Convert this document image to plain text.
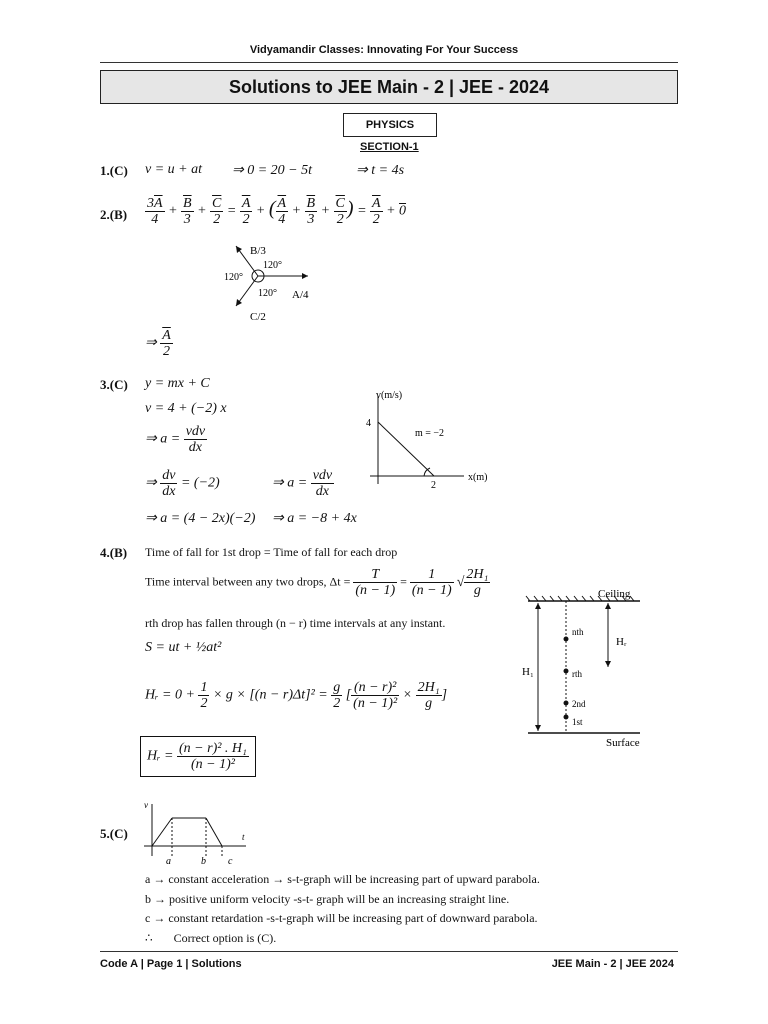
Vidyamandir Classes: Innovating For Your Success
Solutions to JEE Main - 2 | JEE - 2024
PHYSICS
SECTION-1
1.(C) v = u + at ⇒ 0 = 20 − 5t	⇒ t = 4s
$2.(B) \frac{3\overline{A}}{4} + \frac{\overline{B}}{3} + \frac{\overline{C}}{2} = \frac{\overline{A}}{2}$ + ( $\frac{\overline{A}}{4} + \frac{\overline{B}}{3} + \frac{\overline{C}}{2}$ ) = $\frac{\overline{A}}{2} + 0$
B/3
A/4
C/2
120°
120°
120°
⇒ $\frac{\overline{A}}{2}$
3.(C) y = mx + C
v = 4 + (−2) x
⇒ $a = \frac{\text{vdv}}{dx}$
⇒ $\frac{dv}{dx} = (-2)$	⇒ $a = \frac{\text{vdv}}{dx}$
⇒ a = (4 − 2x)(−2) ⇒ a = −8 + 4x
v(m/s)
x(m)
4
2
m = −2
4.(B) Time of fall for 1st drop = Time of fall for each drop
Time interval between any two drops, $\Delta t = \frac{T}{(n - 1)} = \frac{1}{(n - 1)}$ √ $\frac{\text{2H₁}}{g}$
rth drop has fallen through (n − r) time intervals at any instant.
S = ut + ½at²
Hᵣ = $0 + \frac{1}{2} \times g \times [(n - r)\Delta t]^2 = \frac{g}{2}$ [ $\frac{\text{(n − r)²}}{\text{(n − 1)²}} \times \frac{\text{2H₁}}{g}$ ]
Hᵣ = $\frac{\text{(n − r)² . H₁}}{\text{(n − 1)²}}$
Ceiling
Surface
H₁
Hᵣ
nth
rth
2nd
1st
5.(C)
v
t
a	b c
a → constant acceleration → s-t-graph will be increasing part of upward parabola.
b → positive uniform velocity -s-t- graph will be an increasing straight line.
c → constant retardation -s-t-graph will be increasing part of downward parabola.
∴       Correct option is (C).
Code A | Page 1 | Solutions	JEE Main - 2 | JEE 2024
